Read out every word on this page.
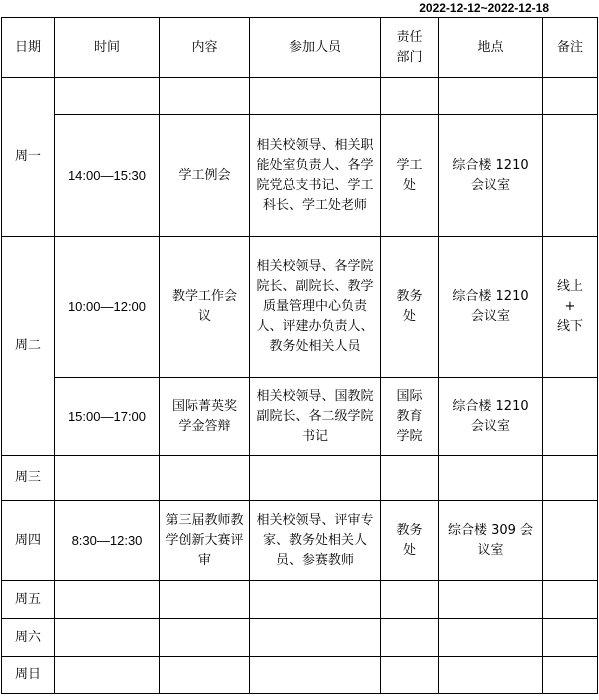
2022-12-12~2022-12-18
日期	时间	内容	参加人员	责任部门	地点	备注
周一						
	14:00—15:30	学工例会	相关校领导、相关职能处室负责人、各学院党总支书记、学工科长、学工处老师	学工处	综合楼 1210 会议室	
周二	10:00—12:00	教学工作会议	相关校领导、各学院院长、副院长、教学质量管理中心负责人、评建办负责人、教务处相关人员	教务处	综合楼 1210 会议室	线上 + 线下
	15:00—17:00	国际菁英奖学金答辩	相关校领导、国教院副院长、各二级学院书记	国际教育学院	综合楼 1210 会议室	
周三						
周四	8:30—12:30	第三届教师教学创新大赛评审	相关校领导、评审专家、教务处相关人员、参赛教师	教务处	综合楼 309 会议室	
周五						
周六						
周日						
